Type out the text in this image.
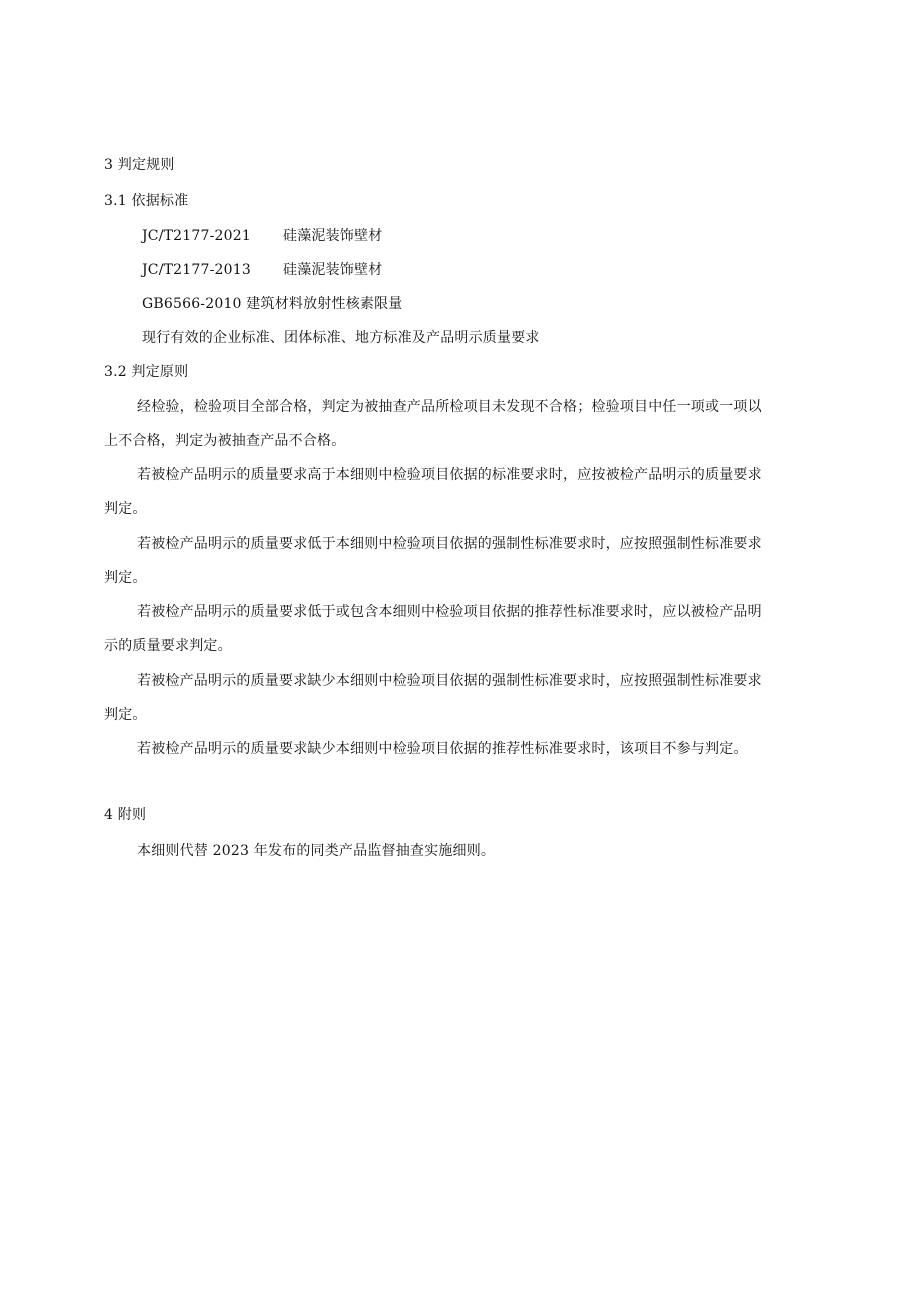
3 判定规则
3.1 依据标准
JC/T2177-2021 硅藻泥装饰壁材
JC/T2177-2013 硅藻泥装饰壁材
GB6566-2010 建筑材料放射性核素限量
现行有效的企业标准、团体标准、地方标准及产品明示质量要求
3.2 判定原则
经检验，检验项目全部合格，判定为被抽查产品所检项目未发现不合格；检验项目中任一项或一项以
上不合格，判定为被抽查产品不合格。
若被检产品明示的质量要求高于本细则中检验项目依据的标准要求时，应按被检产品明示的质量要求
判定。
若被检产品明示的质量要求低于本细则中检验项目依据的强制性标准要求时，应按照强制性标准要求
判定。
若被检产品明示的质量要求低于或包含本细则中检验项目依据的推荐性标准要求时，应以被检产品明
示的质量要求判定。
若被检产品明示的质量要求缺少本细则中检验项目依据的强制性标准要求时，应按照强制性标准要求
判定。
若被检产品明示的质量要求缺少本细则中检验项目依据的推荐性标准要求时，该项目不参与判定。
4 附则
本细则代替 2023 年发布的同类产品监督抽查实施细则。
